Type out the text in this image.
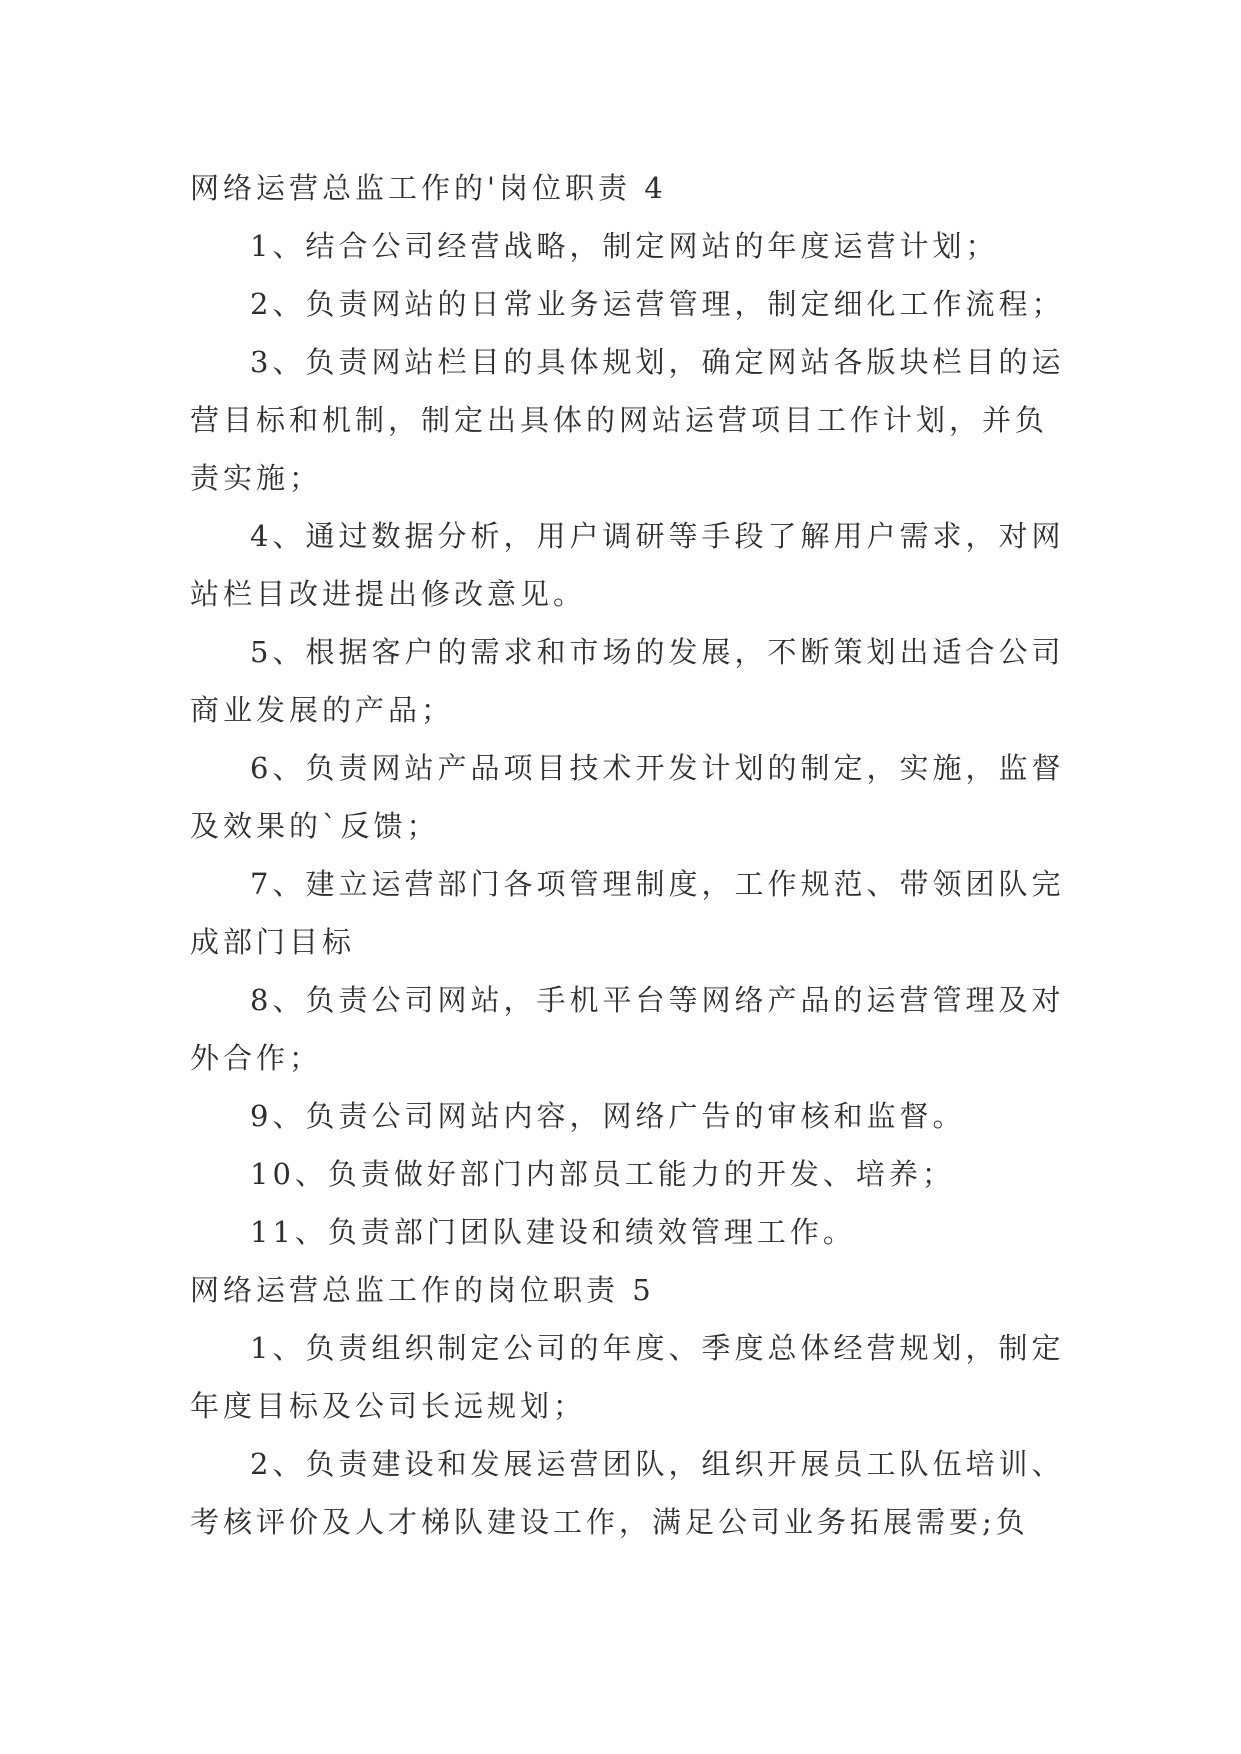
网络运营总监工作的'岗位职责 4

1、结合公司经营战略，制定网站的年度运营计划；

2、负责网站的日常业务运营管理，制定细化工作流程；

3、负责网站栏目的具体规划，确定网站各版块栏目的运营目标和机制，制定出具体的网站运营项目工作计划，并负责实施；

4、通过数据分析，用户调研等手段了解用户需求，对网站栏目改进提出修改意见。

5、根据客户的需求和市场的发展，不断策划出适合公司商业发展的产品；

6、负责网站产品项目技术开发计划的制定，实施，监督及效果的`反馈；

7、建立运营部门各项管理制度，工作规范、带领团队完成部门目标

8、负责公司网站，手机平台等网络产品的运营管理及对外合作；

9、负责公司网站内容，网络广告的审核和监督。

10、负责做好部门内部员工能力的开发、培养；

11、负责部门团队建设和绩效管理工作。

网络运营总监工作的岗位职责 5

1、负责组织制定公司的年度、季度总体经营规划，制定年度目标及公司长远规划；

2、负责建设和发展运营团队，组织开展员工队伍培训、考核评价及人才梯队建设工作，满足公司业务拓展需要;负
